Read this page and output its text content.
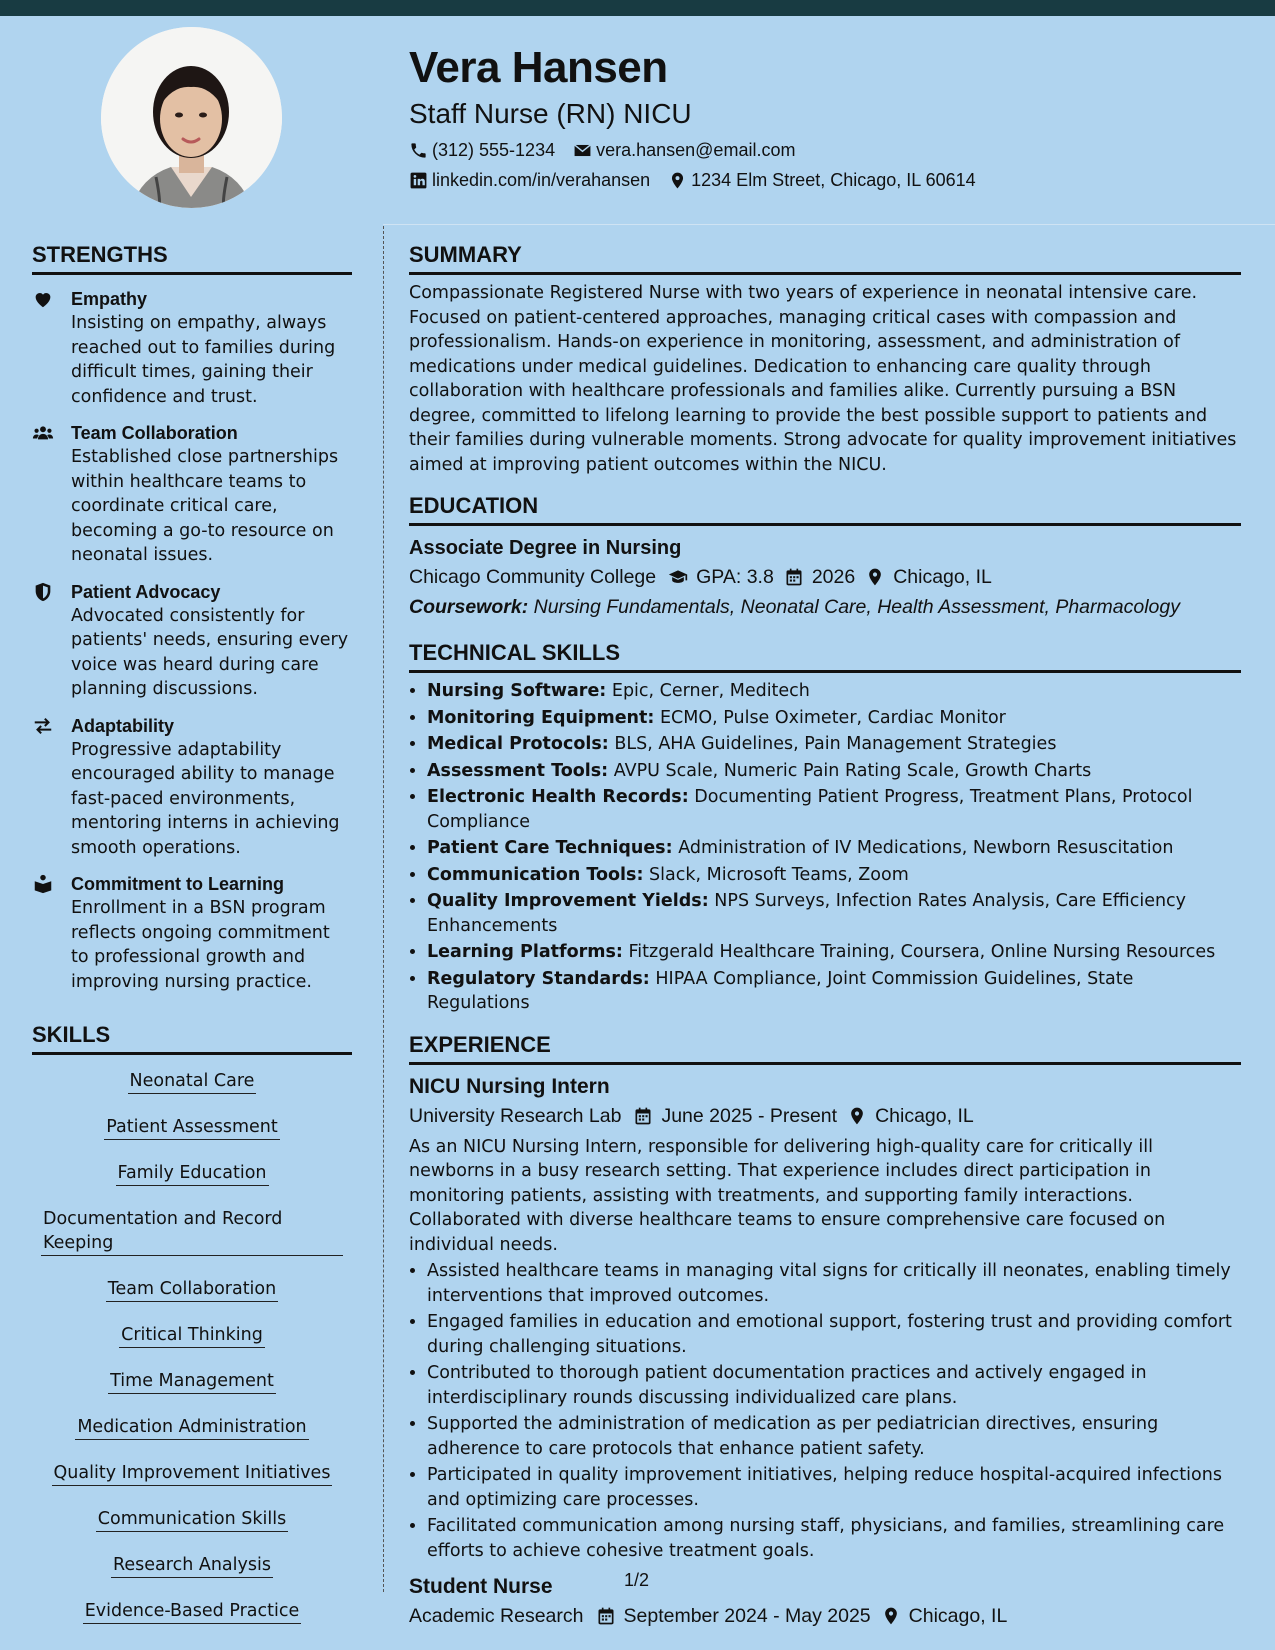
Vera Hansen
Staff Nurse (RN) NICU
(312) 555-1234 vera.hansen@email.com
linkedin.com/in/verahansen 1234 Elm Street, Chicago, IL 60614
STRENGTHS
Empathy
Insisting on empathy, always reached out to families during difficult times, gaining their confidence and trust.
Team Collaboration
Established close partnerships within healthcare teams to coordinate critical care, becoming a go-to resource on neonatal issues.
Patient Advocacy
Advocated consistently for patients' needs, ensuring every voice was heard during care planning discussions.
Adaptability
Progressive adaptability encouraged ability to manage fast-paced environments, mentoring interns in achieving smooth operations.
Commitment to Learning
Enrollment in a BSN program reflects ongoing commitment to professional growth and improving nursing practice.
SKILLS
Neonatal Care
Patient Assessment
Family Education
Documentation and Record Keeping
Team Collaboration
Critical Thinking
Time Management
Medication Administration
Quality Improvement Initiatives
Communication Skills
Research Analysis
Evidence-Based Practice
SUMMARY

Compassionate Registered Nurse with two years of experience in neonatal intensive care. Focused on patient-centered approaches, managing critical cases with compassion and professionalism. Hands-on experience in monitoring, assessment, and administration of medications under medical guidelines. Dedication to enhancing care quality through collaboration with healthcare professionals and families alike. Currently pursuing a BSN degree, committed to lifelong learning to provide the best possible support to patients and their families during vulnerable moments. Strong advocate for quality improvement initiatives aimed at improving patient outcomes within the NICU.

EDUCATION
Associate Degree in Nursing
Chicago Community College GPA: 3.8 2026 Chicago, IL
Coursework: Nursing Fundamentals, Neonatal Care, Health Assessment, Pharmacology
TECHNICAL SKILLS
• Nursing Software: Epic, Cerner, Meditech
• Monitoring Equipment: ECMO, Pulse Oximeter, Cardiac Monitor
• Medical Protocols: BLS, AHA Guidelines, Pain Management Strategies
• Assessment Tools: AVPU Scale, Numeric Pain Rating Scale, Growth Charts
• Electronic Health Records: Documenting Patient Progress, Treatment Plans, Protocol Compliance
• Patient Care Techniques: Administration of IV Medications, Newborn Resuscitation
• Communication Tools: Slack, Microsoft Teams, Zoom
• Quality Improvement Yields: NPS Surveys, Infection Rates Analysis, Care Efficiency Enhancements
• Learning Platforms: Fitzgerald Healthcare Training, Coursera, Online Nursing Resources
• Regulatory Standards: HIPAA Compliance, Joint Commission Guidelines, State Regulations
EXPERIENCE
NICU Nursing Intern
University Research Lab June 2025 - Present Chicago, IL
As an NICU Nursing Intern, responsible for delivering high-quality care for critically ill newborns in a busy research setting. That experience includes direct participation in monitoring patients, assisting with treatments, and supporting family interactions. Collaborated with diverse healthcare teams to ensure comprehensive care focused on individual needs.
• Assisted healthcare teams in managing vital signs for critically ill neonates, enabling timely interventions that improved outcomes.
• Engaged families in education and emotional support, fostering trust and providing comfort during challenging situations.
• Contributed to thorough patient documentation practices and actively engaged in interdisciplinary rounds discussing individualized care plans.
• Supported the administration of medication as per pediatrician directives, ensuring adherence to care protocols that enhance patient safety.
• Participated in quality improvement initiatives, helping reduce hospital-acquired infections and optimizing care processes.
• Facilitated communication among nursing staff, physicians, and families, streamlining care efforts to achieve cohesive treatment goals.
Student Nurse
Academic Research September 2024 - May 2025 Chicago, IL
1/2
